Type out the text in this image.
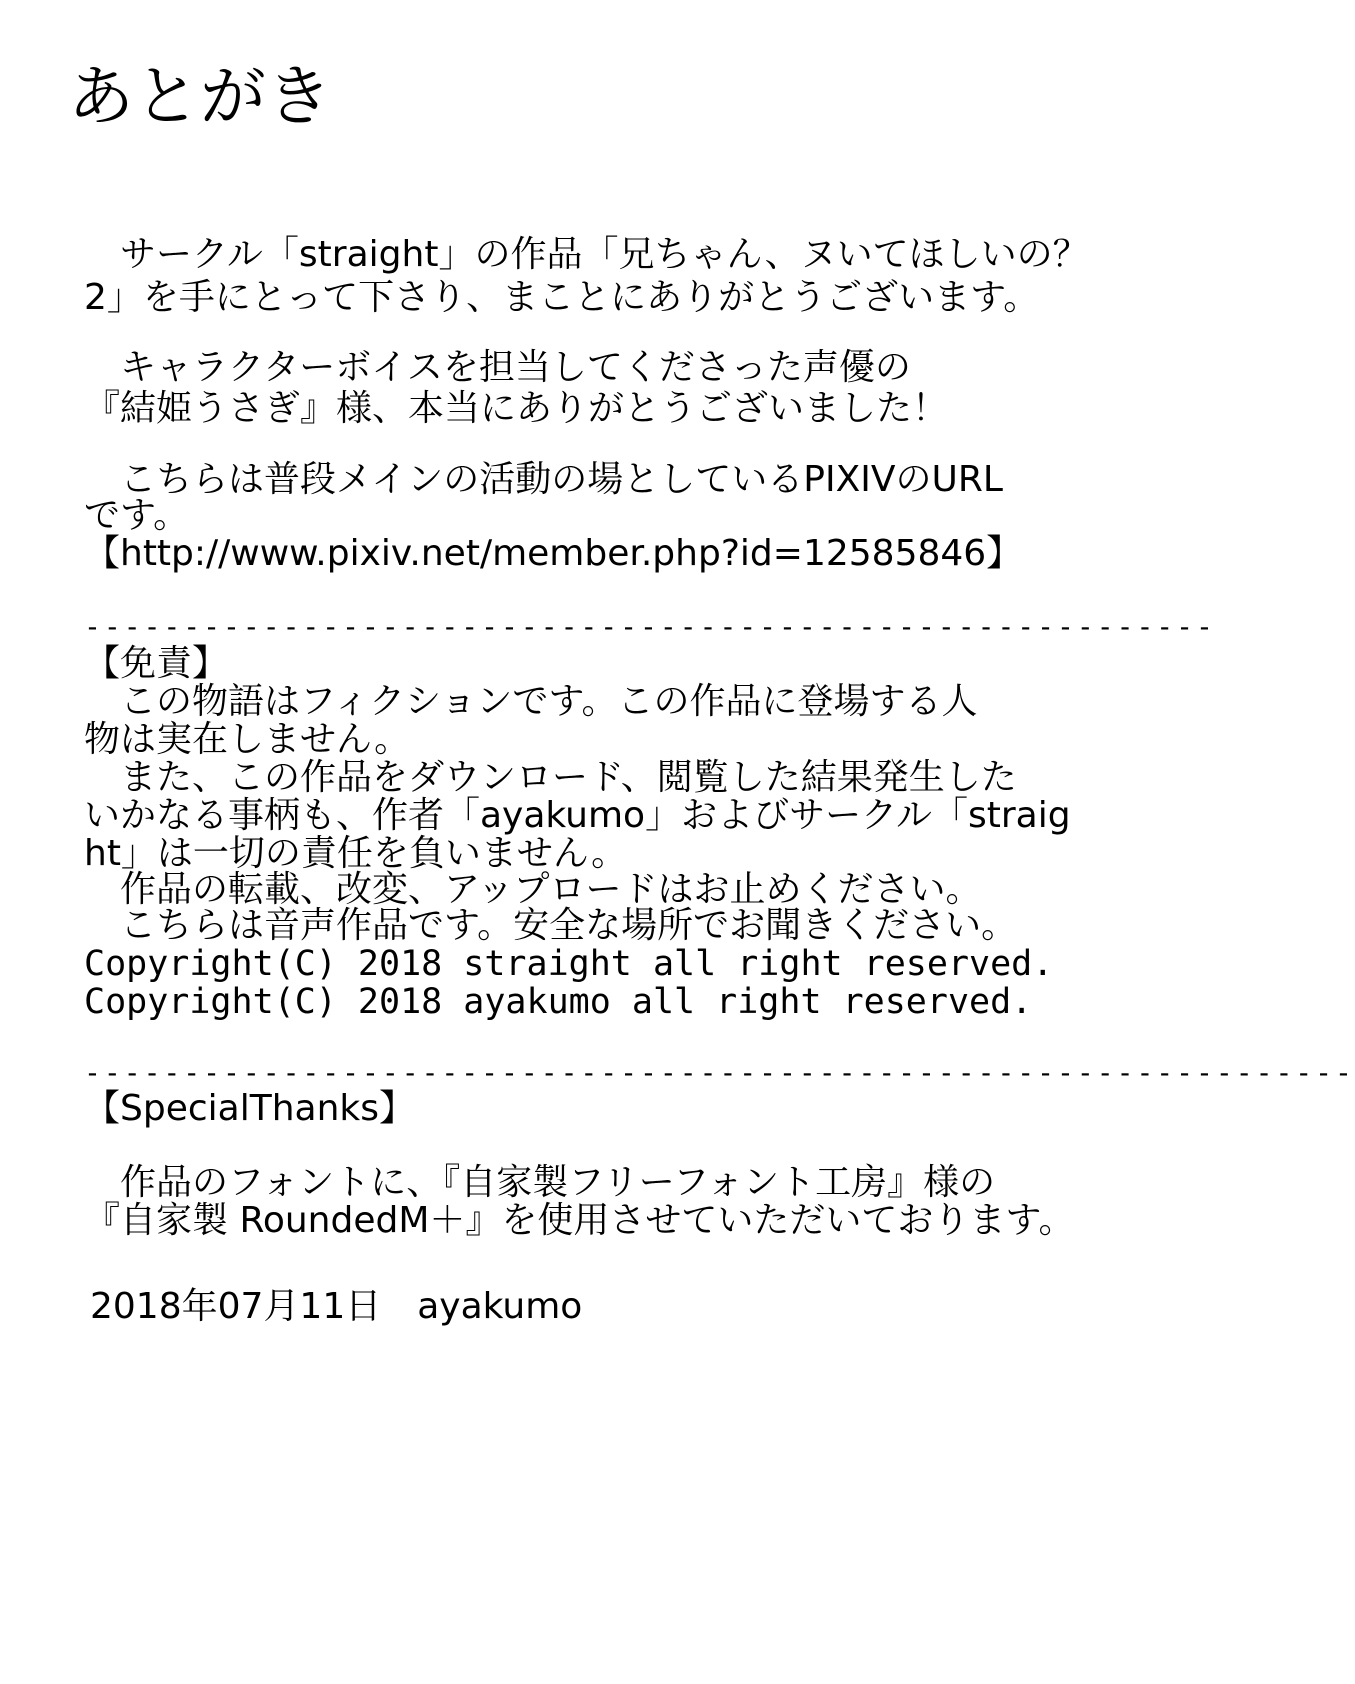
あとがき
　サークル「straight」の作品「兄ちゃん、ヌいてほしいの？
2」を手にとって下さり、まことにありがとうございます。
　キャラクターボイスを担当してくださった声優の
『結姫うさぎ』様、本当にありがとうございました！
　こちらは普段メインの活動の場としているPIXIVのURL
です。
【http://www.pixiv.net/member.php?id=12585846】
---------------------------------------------------------
【免責】
　この物語はフィクションです。この作品に登場する人
物は実在しません。
　また、この作品をダウンロード、閲覧した結果発生した
いかなる事柄も、作者「ayakumo」およびサークル「straig
ht」は一切の責任を負いません。
　作品の転載、改変、アップロードはお止めください。
　こちらは音声作品です。安全な場所でお聞きください。
Copyright(C) 2018 straight all right reserved.
Copyright(C) 2018 ayakumo all right reserved.
----------------------------------------------------------------
【SpecialThanks】
　作品のフォントに、『自家製フリーフォント工房』様の
『自家製 RoundedM＋』を使用させていただいております。
2018年07月11日　ayakumo
